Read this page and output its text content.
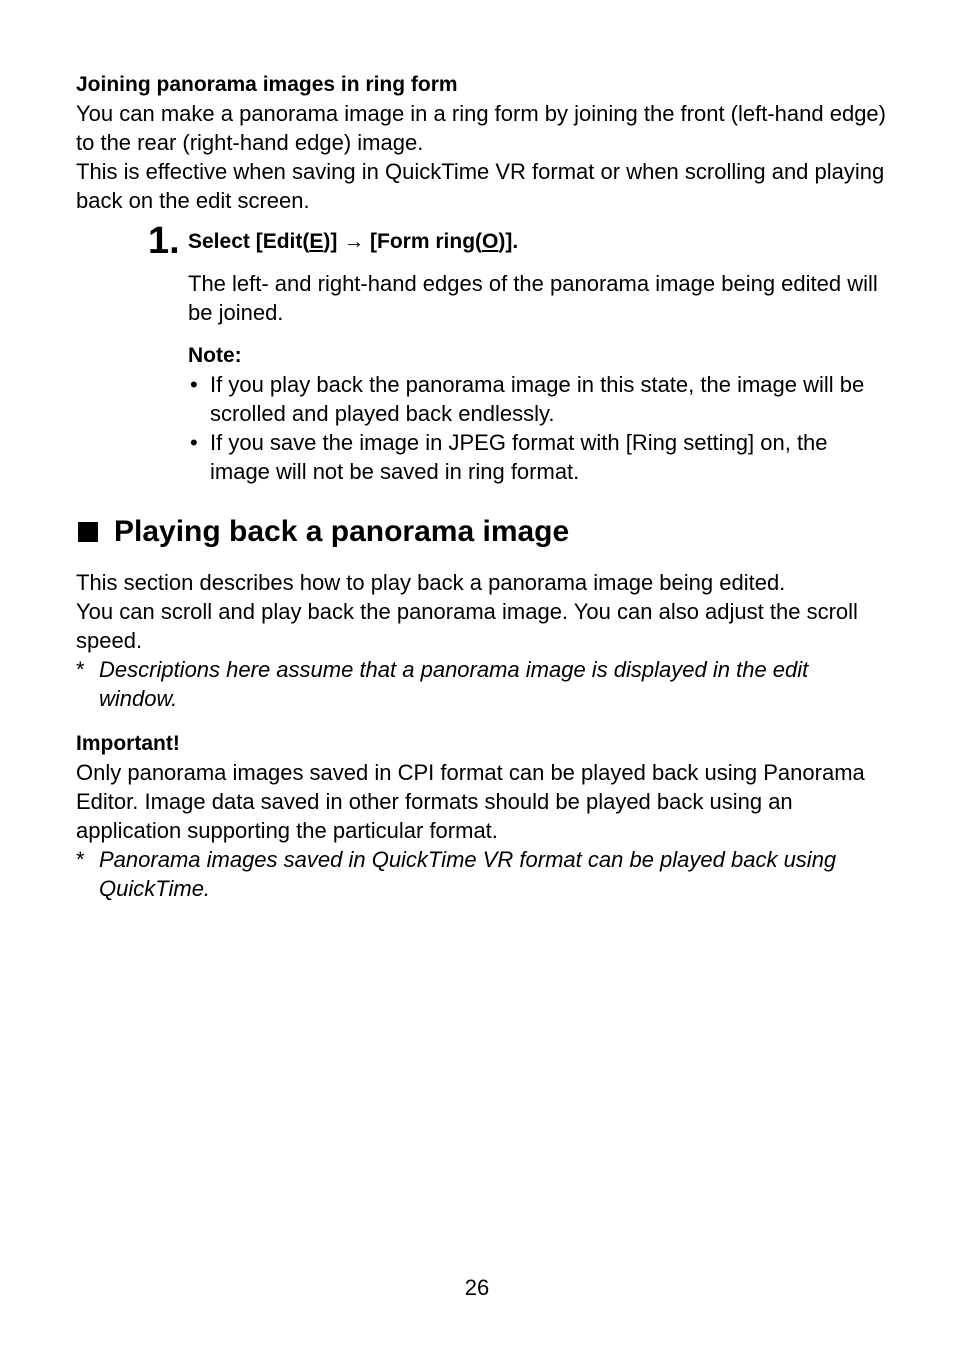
Joining panorama images in ring form

You can make a panorama image in a ring form by joining the front (left-hand edge) to the rear (right-hand edge) image.

This is effective when saving in QuickTime VR format or when scrolling and playing back on the edit screen.

1. Select [Edit(E)] → [Form ring(O)].

The left- and right-hand edges of the panorama image being edited will be joined.

Note:

• If you play back the panorama image in this state, the image will be scrolled and played back endlessly.
• If you save the image in JPEG format with [Ring setting] on, the image will not be saved in ring format.
Playing back a panorama image

This section describes how to play back a panorama image being edited.

You can scroll and play back the panorama image. You can also adjust the scroll speed.

* Descriptions here assume that a panorama image is displayed in the edit window.

Important!

Only panorama images saved in CPI format can be played back using Panorama Editor. Image data saved in other formats should be played back using an application supporting the particular format.

* Panorama images saved in QuickTime VR format can be played back using QuickTime.

26
